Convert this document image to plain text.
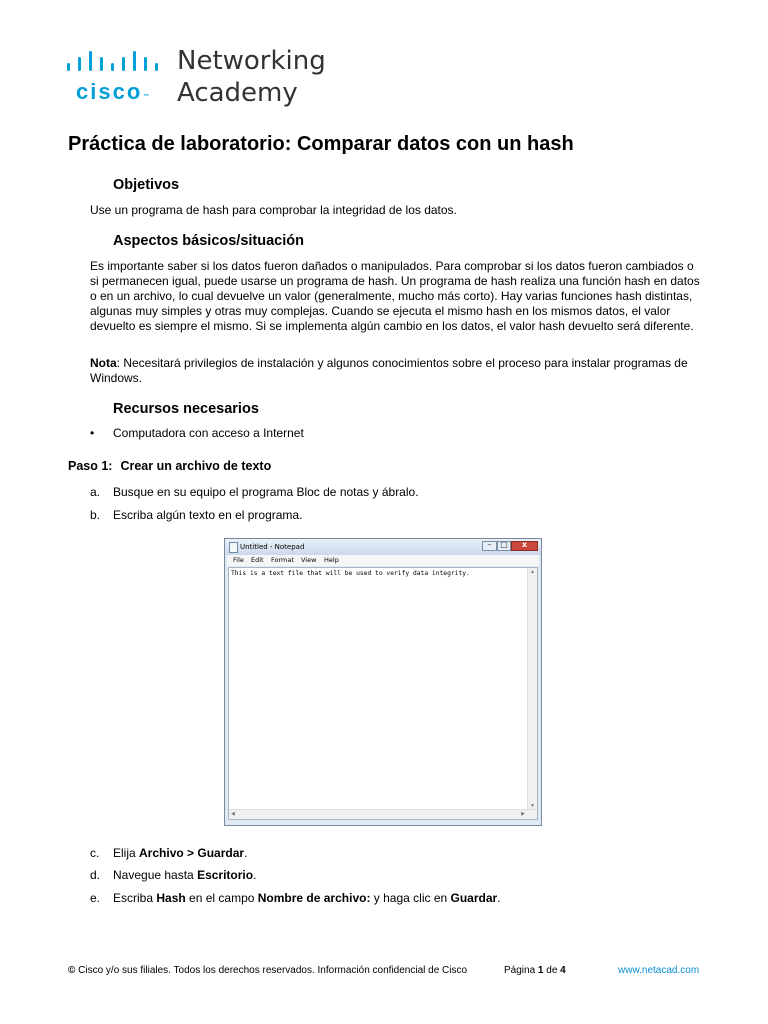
cisco™
Networking
Academy
Práctica de laboratorio: Comparar datos con un hash
Objetivos

Use un programa de hash para comprobar la integridad de los datos.

Aspectos básicos/situación

Es importante saber si los datos fueron dañados o manipulados. Para comprobar si los datos fueron cambiados o si permanecen igual, puede usarse un programa de hash. Un programa de hash realiza una función hash en datos o en un archivo, lo cual devuelve un valor (generalmente, mucho más corto). Hay varias funciones hash distintas, algunas muy simples y otras muy complejas. Cuando se ejecuta el mismo hash en los mismos datos, el valor devuelto es siempre el mismo. Si se implementa algún cambio en los datos, el valor hash devuelto será diferente.

Nota: Necesitará privilegios de instalación y algunos conocimientos sobre el proceso para instalar programas de Windows.

Recursos necesarios
• Computadora con acceso a Internet
Paso 1: Crear un archivo de texto
a. Busque en su equipo el programa Bloc de notas y ábralo.
b. Escriba algún texto en el programa.
Untitled - Notepad	–	□	x
File Edit Format View Help
This is a text file that will be used to verify data integrity.	▲
▼
◀	▶
c. Elija Archivo > Guardar.
d. Navegue hasta Escritorio.
e. Escriba Hash en el campo Nombre de archivo: y haga clic en Guardar.
© Cisco y/o sus filiales. Todos los derechos reservados. Información confidencial de Cisco	Página 1 de 4	www.netacad.com
